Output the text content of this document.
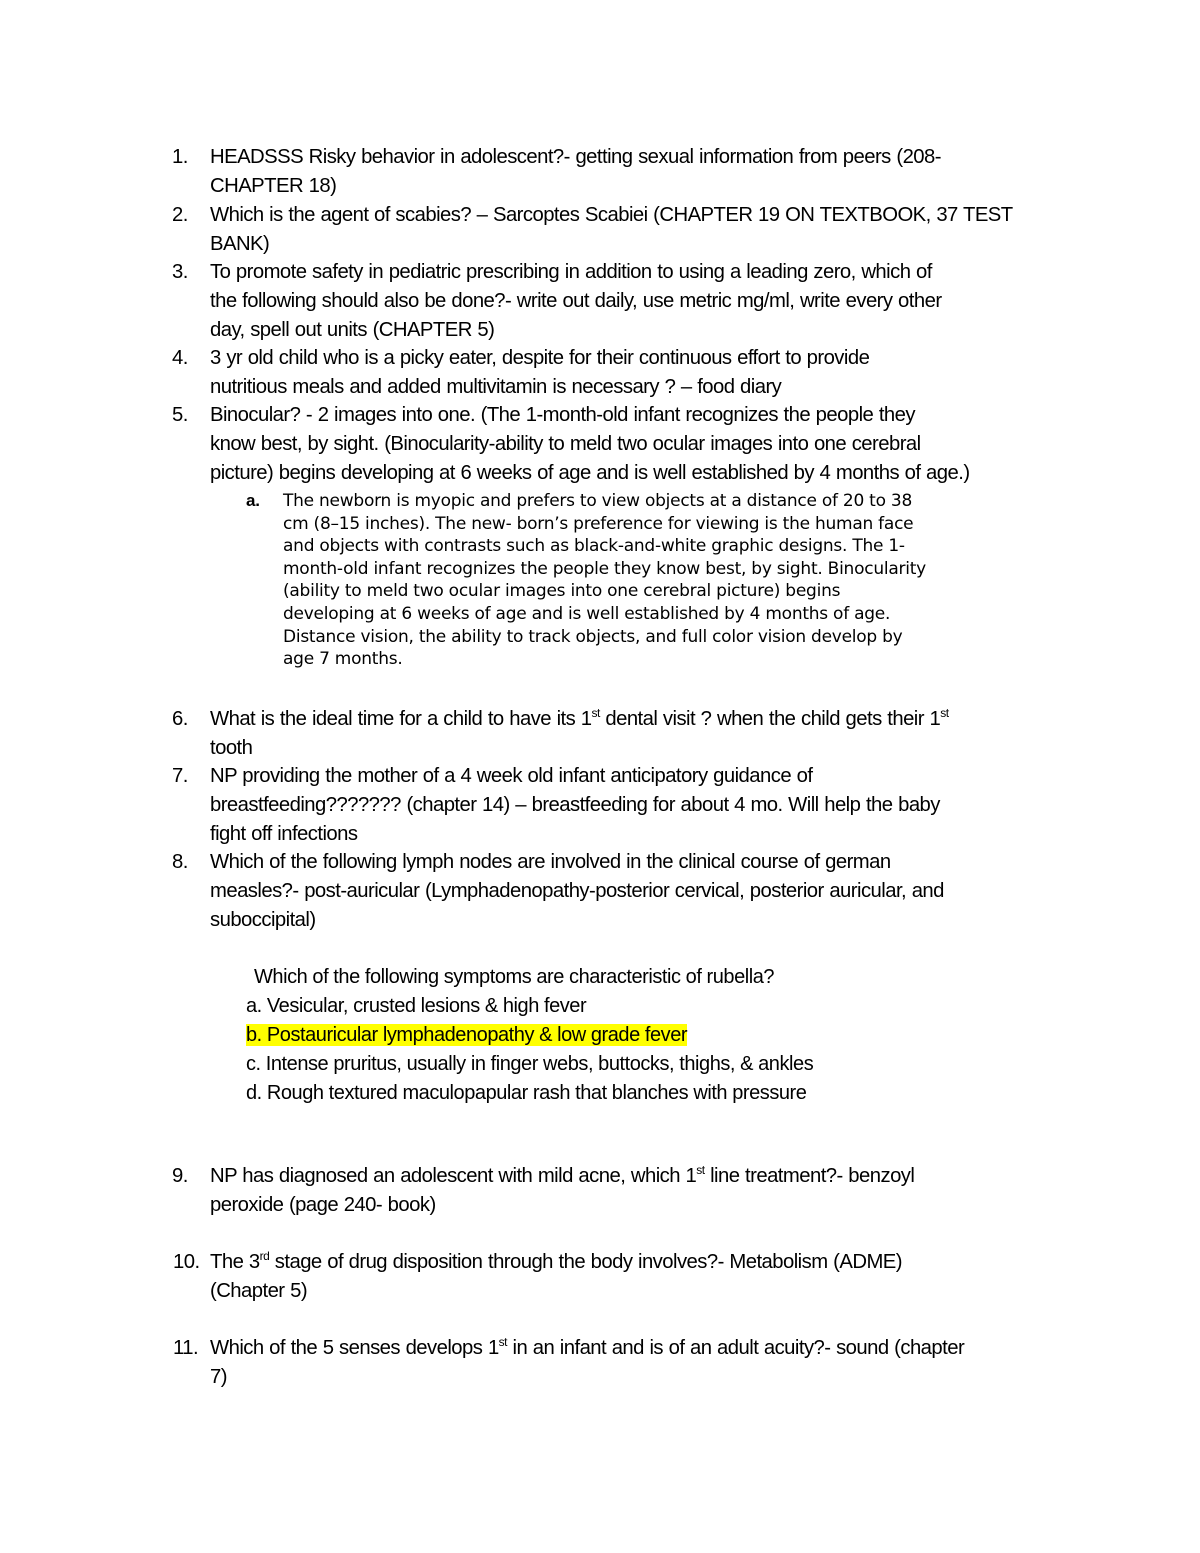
1.	HEADSSS Risky behavior in adolescent?- getting sexual information from peers (208-
CHAPTER 18)
2.	Which is the agent of scabies? – Sarcoptes Scabiei (CHAPTER 19 ON TEXTBOOK, 37 TEST
BANK)
3.	To promote safety in pediatric prescribing in addition to using a leading zero, which of
the following should also be done?- write out daily, use metric mg/ml, write every other
day, spell out units (CHAPTER 5)
4.	3 yr old child who is a picky eater, despite for their continuous effort to provide
nutritious meals and added multivitamin is necessary ? – food diary
5.	Binocular? - 2 images into one. (The 1-month-old infant recognizes the people they
know best, by sight. (Binocularity-ability to meld two ocular images into one cerebral
picture) begins developing at 6 weeks of age and is well established by 4 months of age.)
a. The newborn is myopic and prefers to view objects at a distance of 20 to 38
cm (8–15 inches). The new- born’s preference for viewing is the human face
and objects with contrasts such as black-and-white graphic designs. The 1-
month-old infant recognizes the people they know best, by sight. Binocularity
(ability to meld two ocular images into one cerebral picture) begins
developing at 6 weeks of age and is well established by 4 months of age.
Distance vision, the ability to track objects, and full color vision develop by
age 7 months.
6.	What is the ideal time for a child to have its 1st dental visit ? when the child gets their 1st
tooth
7.	NP providing the mother of a 4 week old infant anticipatory guidance of
breastfeeding??????? (chapter 14) – breastfeeding for about 4 mo. Will help the baby
fight off infections
8.	Which of the following lymph nodes are involved in the clinical course of german
measles?- post-auricular (Lymphadenopathy-posterior cervical, posterior auricular, and
suboccipital)
Which of the following symptoms are characteristic of rubella?
a. Vesicular, crusted lesions & high fever
b. Postauricular lymphadenopathy & low grade fever
c. Intense pruritus, usually in finger webs, buttocks, thighs, & ankles
d. Rough textured maculopapular rash that blanches with pressure
9.	NP has diagnosed an adolescent with mild acne, which 1st line treatment?- benzoyl
peroxide (page 240- book)
10. The 3rd stage of drug disposition through the body involves?- Metabolism (ADME)
(Chapter 5)
11. Which of the 5 senses develops 1st in an infant and is of an adult acuity?- sound (chapter
7)
